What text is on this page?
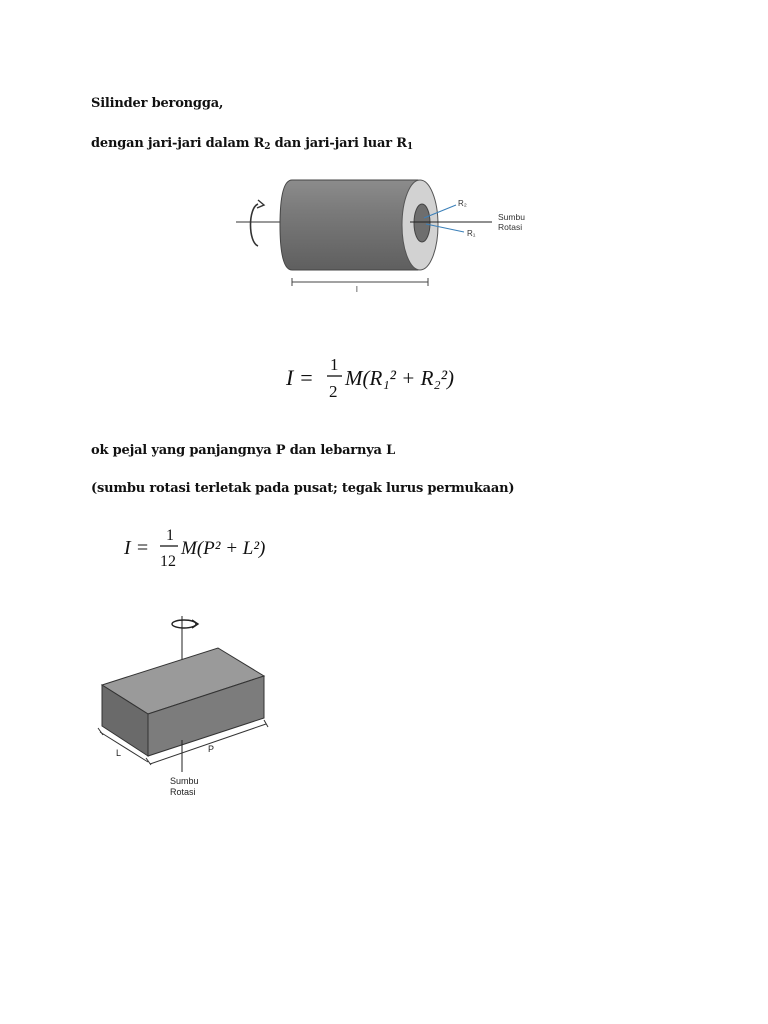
Silinder berongga,
dengan jari-jari dalam $R_2$ dan jari-jari luar $R_1$
R₂
R₁
Sumbu
Rotasi
l
I =
1
2
M(R₁² + R₂²)
ok pejal yang panjangnya P dan lebarnya L
(sumbu rotasi terletak pada pusat; tegak lurus permukaan)
I =
1
12
M(P² + L²)
L	P
Sumbu
Rotasi
